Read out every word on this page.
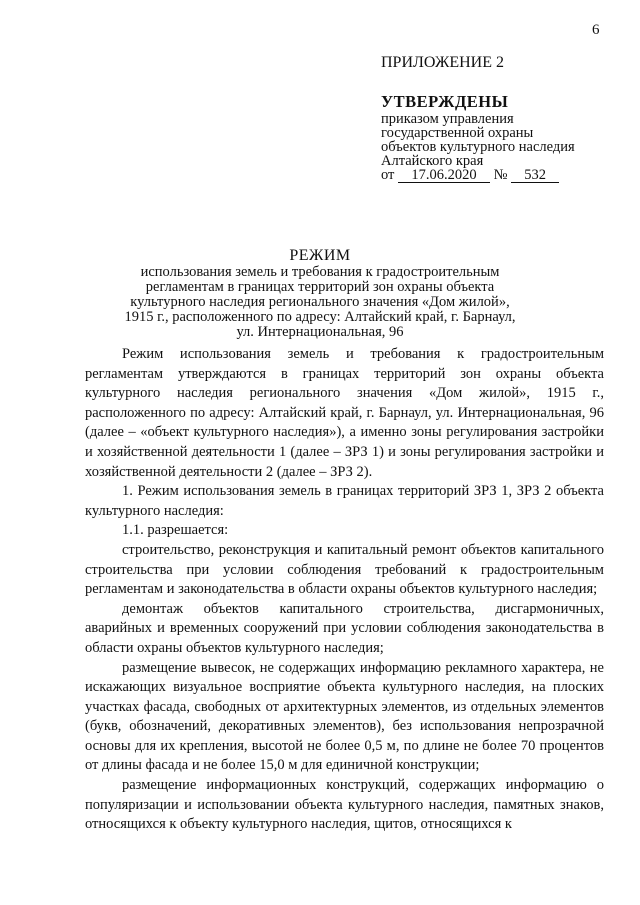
6
ПРИЛОЖЕНИЕ 2
УТВЕРЖДЕНЫ
приказом управления
государственной охраны
объектов культурного наследия
Алтайского края
от 17.06.2020 № 532
РЕЖИМ
использования земель и требования к градостроительным
регламентам в границах территорий зон охраны объекта
культурного наследия регионального значения «Дом жилой»,
1915 г., расположенного по адресу: Алтайский край, г. Барнаул,
ул. Интернациональная, 96

Режим использования земель и требования к градостроительным регламентам утверждаются в границах территорий зон охраны объекта культурного наследия регионального значения «Дом жилой», 1915 г., расположенного по адресу: Алтайский край, г. Барнаул, ул. Интернациональная, 96 (далее – «объект культурного наследия»), а именно зоны регулирования застройки и хозяйственной деятельности 1 (далее – ЗРЗ 1) и зоны регулирования застройки и хозяйственной деятельности 2 (далее – ЗРЗ 2).

1. Режим использования земель в границах территорий ЗРЗ 1, ЗРЗ 2 объекта культурного наследия:

1.1. разрешается:

строительство, реконструкция и капитальный ремонт объектов капитального строительства при условии соблюдения требований к градостроительным регламентам и законодательства в области охраны объектов культурного наследия;

демонтаж объектов капитального строительства, дисгармоничных, аварийных и временных сооружений при условии соблюдения законодательства в области охраны объектов культурного наследия;

размещение вывесок, не содержащих информацию рекламного характера, не искажающих визуальное восприятие объекта культурного наследия, на плоских участках фасада, свободных от архитектурных элементов, из отдельных элементов (букв, обозначений, декоративных элементов), без использования непрозрачной основы для их крепления, высотой не более 0,5 м, по длине не более 70 процентов от длины фасада и не более 15,0 м для единичной конструкции;

размещение информационных конструкций, содержащих информацию о популяризации и использовании объекта культурного наследия, памятных знаков, относящихся к объекту культурного наследия, щитов, относящихся к
